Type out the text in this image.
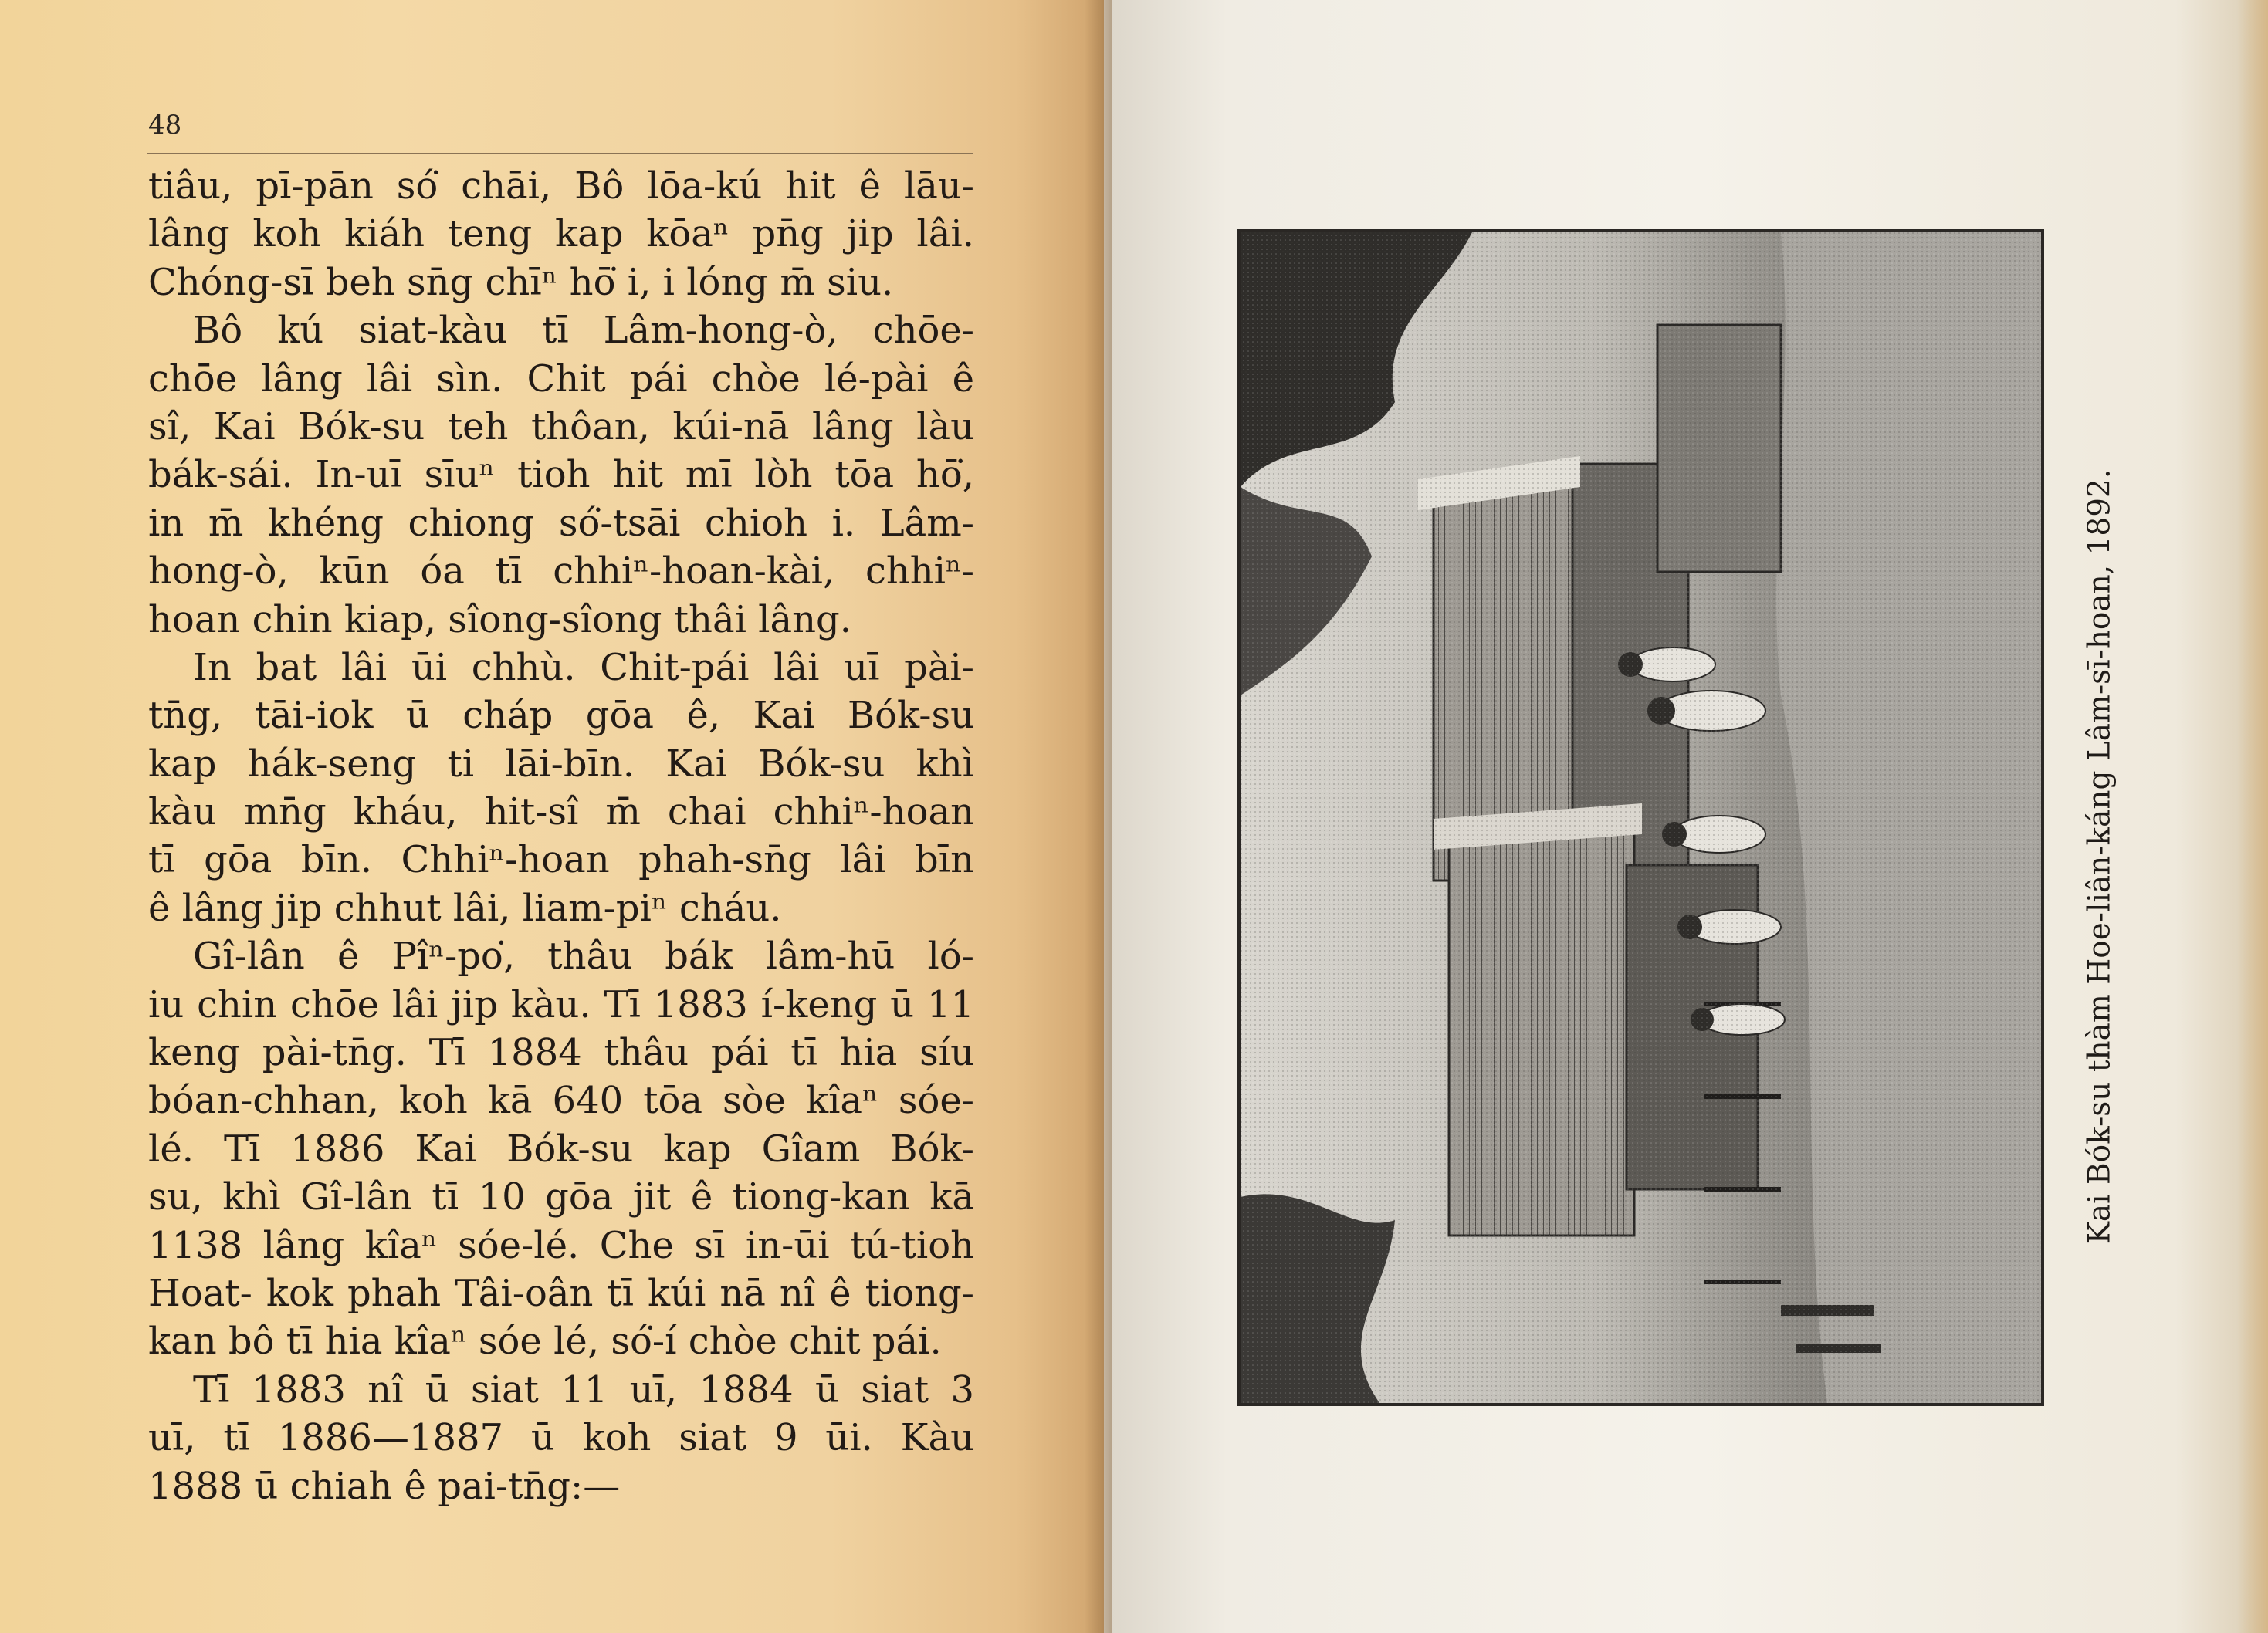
48
tiâu, pī-pān só͘ chāi, Bô lōa-kú hit ê lāu-
lâng koh kiáh teng kap kōaⁿ pn̄g jip lâi.
Chóng-sī beh sn̄g chīⁿ hō͘ i, i lóng m̄ siu.
Bô kú siat-kàu tī Lâm-hong-ò, chōe-
chōe lâng lâi sìn. Chit pái chòe lé-pài ê
sî, Kai Bók-su teh thôan, kúi-nā lâng làu
bák-sái. In-uī sīuⁿ tioh hit mī lòh tōa hō͘,
in m̄ khéng chiong só͘-tsāi chioh i. Lâm-
hong-ò, kūn óa tī chhiⁿ-hoan-kài, chhiⁿ-
hoan chin kiap, sîong-sîong thâi lâng.
In bat lâi ūi chhù. Chit-pái lâi uī pài-
tn̄g, tāi-iok ū cháp gōa ê, Kai Bók-su
kap hák-seng ti lāi-bīn. Kai Bók-su khì
kàu mn̄g kháu, hit-sî m̄ chai chhiⁿ-hoan
tī gōa bīn. Chhiⁿ-hoan phah-sn̄g lâi bīn
ê lâng jip chhut lâi, liam-piⁿ cháu.
Gî-lân ê Pîⁿ-po͘, thâu bák lâm-hū ló-
iu chin chōe lâi jip kàu. Tī 1883 í-keng ū 11
keng pài-tn̄g. Tī 1884 thâu pái tī hia síu
bóan-chhan, koh kā 640 tōa sòe kîaⁿ sóe-
lé. Tī 1886 Kai Bók-su kap Gîam Bók-
su, khì Gî-lân tī 10 gōa jit ê tiong-kan kā
1138 lâng kîaⁿ sóe-lé. Che sī in-ūi tú-tioh
Hoat- kok phah Tâi-oân tī kúi nā nî ê tiong-
kan bô tī hia kîaⁿ sóe lé, só͘-í chòe chit pái.
Tī 1883 nî ū siat 11 uī, 1884 ū siat 3
uī, tī 1886—1887 ū koh siat 9 ūi. Kàu
1888 ū chiah ê pai-tn̄g:—
Kai Bók-su thàm Hoe-liân-káng Lâm-sī-hoan, 1892.
